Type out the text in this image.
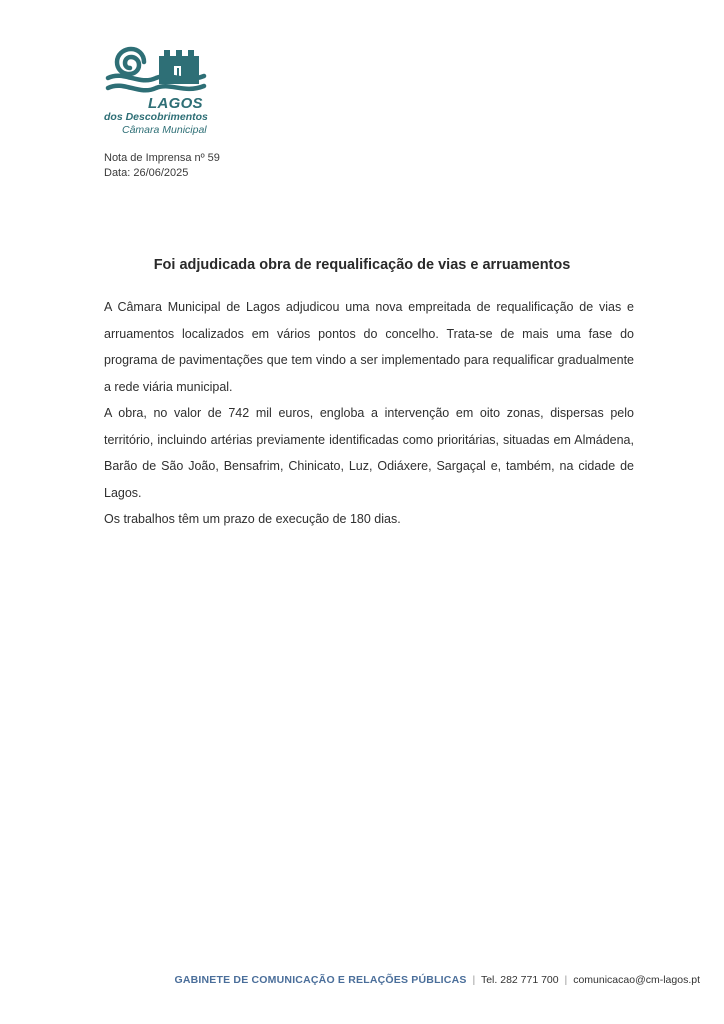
LAGOS
dos Descobrimentos
Câmara Municipal
Nota de Imprensa nº 59
Data: 26/06/2025
Foi adjudicada obra de requalificação de vias e arruamentos

A Câmara Municipal de Lagos adjudicou uma nova empreitada de requalificação de vias e arruamentos localizados em vários pontos do concelho. Trata-se de mais uma fase do programa de pavimentações que tem vindo a ser implementado para requalificar gradualmente a rede viária municipal.

A obra, no valor de 742 mil euros, engloba a intervenção em oito zonas, dispersas pelo território, incluindo artérias previamente identificadas como prioritárias, situadas em Almádena, Barão de São João, Bensafrim, Chinicato, Luz, Odiáxere, Sargaçal e, também, na cidade de Lagos.

Os trabalhos têm um prazo de execução de 180 dias.

GABINETE DE COMUNICAÇÃO E RELAÇÕES PÚBLICAS | Tel. 282 771 700 | comunicacao@cm-lagos.pt
